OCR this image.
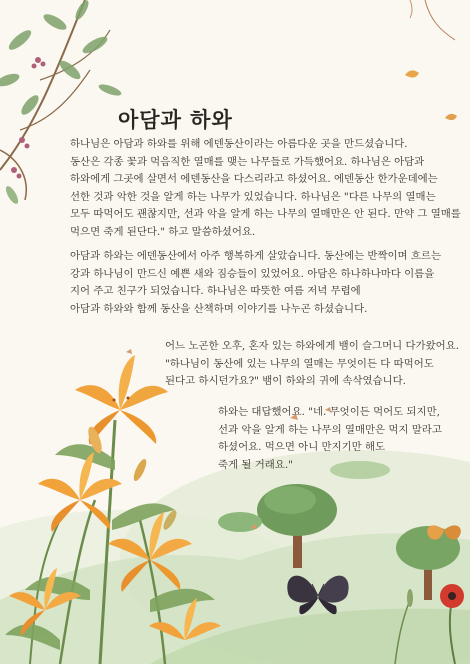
아담과 하와
하나님은 아담과 하와를 위해 에덴동산이라는 아름다운 곳을 만드셨습니다.
동산은 각종 꽃과 먹음직한 열매를 맺는 나무들로 가득했어요. 하나님은 아담과
하와에게 그곳에 살면서 에덴동산을 다스리라고 하셨어요. 에덴동산 한가운데에는
선한 것과 악한 것을 알게 하는 나무가 있었습니다. 하나님은 "다른 나무의 열매는
모두 따먹어도 괜찮지만, 선과 악을 알게 하는 나무의 열매만은 안 된다. 만약 그 열매를
먹으면 죽게 된단다." 하고 말씀하셨어요.
아담과 하와는 에덴동산에서 아주 행복하게 살았습니다. 동산에는 반짝이며 흐르는
강과 하나님이 만드신 예쁜 새와 짐승들이 있었어요. 아담은 하나하나마다 이름을
지어 주고 친구가 되었습니다. 하나님은 따뜻한 여름 저녁 무렵에
아담과 하와와 함께 동산을 산책하며 이야기를 나누곤 하셨습니다.
어느 노곤한 오후, 혼자 있는 하와에게 뱀이 슬그머니 다가왔어요.
"하나님이 동산에 있는 나무의 열매는 무엇이든 다 따먹어도
된다고 하시던가요?" 뱀이 하와의 귀에 속삭였습니다.
하와는 대답했어요. "네. 무엇이든 먹어도 되지만,
선과 악을 알게 하는 나무의 열매만은 먹지 말라고
하셨어요. 먹으면 아니 만지기만 해도
죽게 될 거래요."
